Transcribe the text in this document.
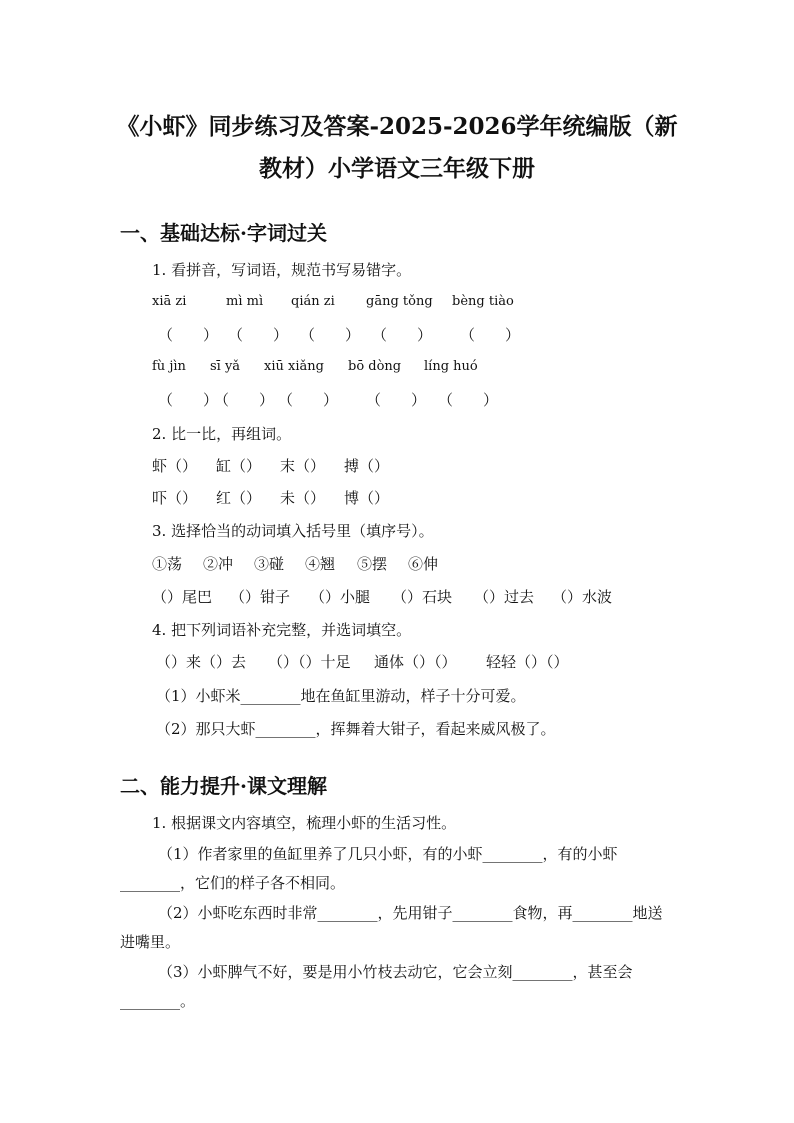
《小虾》同步练习及答案-2025-2026学年统编版（新
教材）小学语文三年级下册
一、基础达标·字词过关
1. 看拼音，写词语，规范书写易错字。
xiā zi	mì mì qián zi gāng tǒng bèng tiào
（　　） （　　） （　　） （　　） （　　）
fù jìn sī yǎ xiū xiǎng bō dòng líng huó
（　　）
（　　） （　　） （　　） （　　）
2. 比一比，再组词。
虾（） 缸（） 末（） 搏（）
吓（） 红（） 未（） 博（）
3. 选择恰当的动词填入括号里（填序号）。
①荡 ②冲 ③碰 ④翘 ⑤摆 ⑥伸
（）尾巴 （）钳子 （）小腿 （）石块 （）过去 （）水波
4. 把下列词语补充完整，并选词填空。
（）来（）去 （）（）十足 通体（）（） 轻轻（）（）
（1）小虾米________地在鱼缸里游动，样子十分可爱。
（2）那只大虾________，挥舞着大钳子，看起来威风极了。
二、能力提升·课文理解
1. 根据课文内容填空，梳理小虾的生活习性。
（1）作者家里的鱼缸里养了几只小虾，有的小虾________，有的小虾________，它们的样子各不相同。
（2）小虾吃东西时非常________，先用钳子________食物，再________地送进嘴里。
（3）小虾脾气不好，要是用小竹枝去动它，它会立刻________，甚至会________。
